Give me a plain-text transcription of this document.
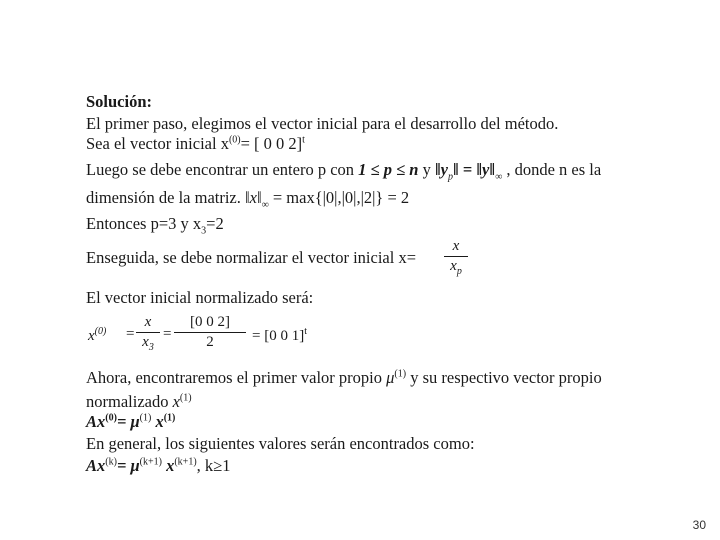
Solución:
El primer paso, elegimos el vector inicial para el desarrollo del método.
Sea el vector inicial $x^{(0)}=$ [ 0 0 2]$^t$
Luego se debe encontrar un entero p con 1 ≤ p ≤ n y $‖y_p‖$ = $‖y‖_\infty$ , donde n es la
dimensión de la matriz. $‖x‖_\infty = \max\{|0|,|0|,|2|\} = 2$
Entonces p=3 y $x_3=2$
Enseguida, se debe normalizar el vector inicial x=
x
$x_p$
El vector inicial normalizado será:
$x^{(0)}$ =
x
$x_3$
=
[0 0 2]
2	= [0 0 1]$^t$
Ahora, encontraremos el primer valor propio $\mu^{(1)}$ y su respectivo vector propio
normalizado $x^{(1)}$
$Ax^{(0)}= \mu^{(1)}$ $x^{(1)}$
En general, los siguientes valores serán encontrados como:
$Ax^{(k)}= \mu^{(k+1)}$ $x^{(k+1)}$, k≥1
30
